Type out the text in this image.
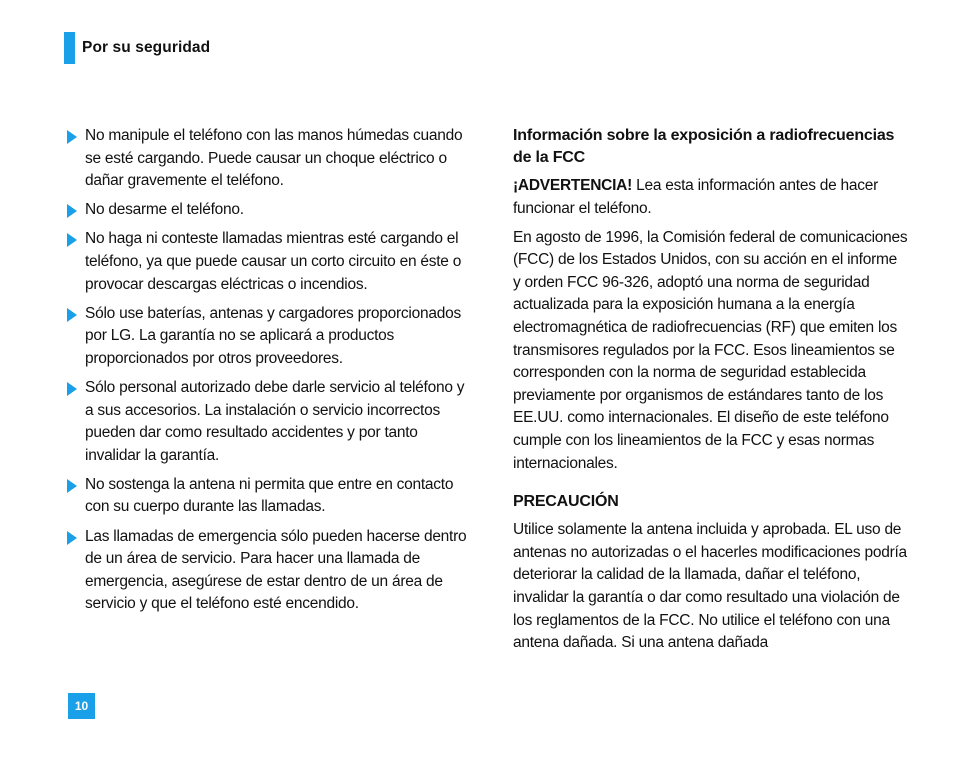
Por su seguridad
No manipule el teléfono con las manos húmedas cuando se esté cargando. Puede causar un choque eléctrico o dañar gravemente el teléfono.
No desarme el teléfono.
No haga ni conteste llamadas mientras esté cargando el teléfono, ya que puede causar un corto circuito en éste o provocar descargas eléctricas o incendios.
Sólo use baterías, antenas y cargadores proporcionados por LG. La garantía no se aplicará a productos proporcionados por otros proveedores.
Sólo personal autorizado debe darle servicio al teléfono y a sus accesorios. La instalación o servicio incorrectos pueden dar como resultado accidentes y por tanto invalidar la garantía.
No sostenga la antena ni permita que entre en contacto con su cuerpo durante las llamadas.
Las llamadas de emergencia sólo pueden hacerse dentro de un área de servicio. Para hacer una llamada de emergencia, asegúrese de estar dentro de un área de servicio y que el teléfono esté encendido.
Información sobre la exposición a radiofrecuencias de la FCC

¡ADVERTENCIA! Lea esta información antes de hacer funcionar el teléfono.

En agosto de 1996, la Comisión federal de comunicaciones (FCC) de los Estados Unidos, con su acción en el informe y orden FCC 96-326, adoptó una norma de seguridad actualizada para la exposición humana a la energía electromagnética de radiofrecuencias (RF) que emiten los transmisores regulados por la FCC. Esos lineamientos se corresponden con la norma de seguridad establecida previamente por organismos de estándares tanto de los EE.UU. como internacionales. El diseño de este teléfono cumple con los lineamientos de la FCC y esas normas internacionales.

PRECAUCIÓN

Utilice solamente la antena incluida y aprobada. EL uso de antenas no autorizadas o el hacerles modificaciones podría deteriorar la calidad de la llamada, dañar el teléfono, invalidar la garantía o dar como resultado una violación de los reglamentos de la FCC. No utilice el teléfono con una antena dañada. Si una antena dañada

10
